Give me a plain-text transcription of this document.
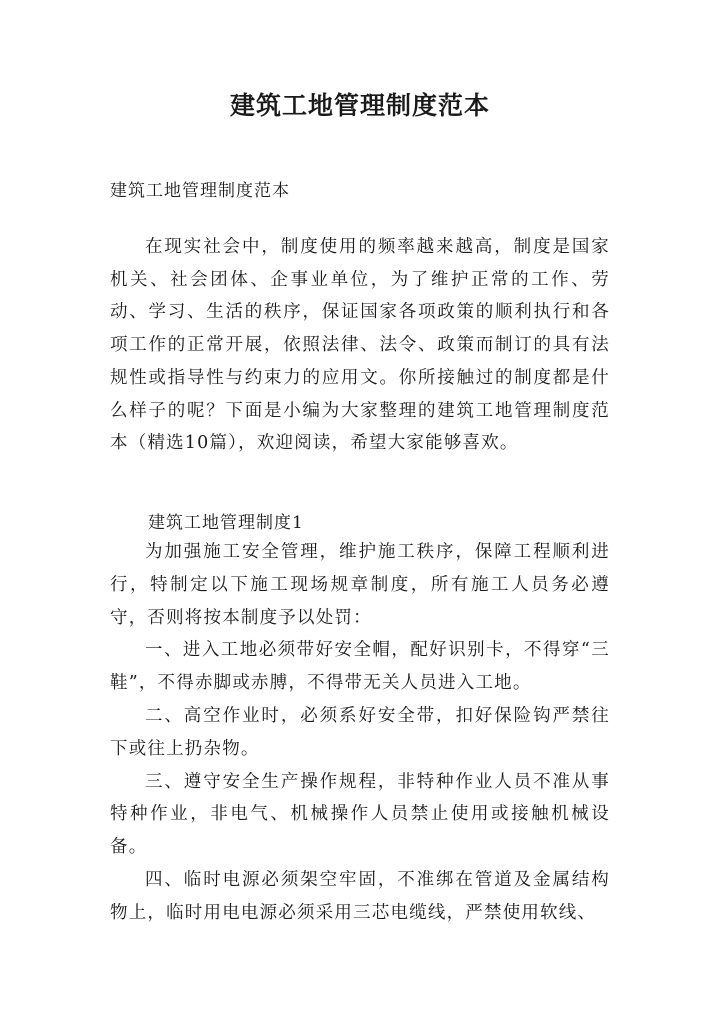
建筑工地管理制度范本

建筑工地管理制度范本

在现实社会中，制度使用的频率越来越高，制度是国家机关、社会团体、企事业单位，为了维护正常的工作、劳动、学习、生活的秩序，保证国家各项政策的顺利执行和各项工作的正常开展，依照法律、法令、政策而制订的具有法规性或指导性与约束力的应用文。你所接触过的制度都是什么样子的呢？下面是小编为大家整理的建筑工地管理制度范本（精选10篇），欢迎阅读，希望大家能够喜欢。

建筑工地管理制度1

为加强施工安全管理，维护施工秩序，保障工程顺利进行，特制定以下施工现场规章制度，所有施工人员务必遵守，否则将按本制度予以处罚：

一、进入工地必须带好安全帽，配好识别卡，不得穿“三鞋”，不得赤脚或赤膊，不得带无关人员进入工地。

二、高空作业时，必须系好安全带，扣好保险钩严禁往下或往上扔杂物。

三、遵守安全生产操作规程，非特种作业人员不准从事特种作业，非电气、机械操作人员禁止使用或接触机械设备。

四、临时电源必须架空牢固，不准绑在管道及金属结构物上，临时用电电源必须采用三芯电缆线，严禁使用软线、
